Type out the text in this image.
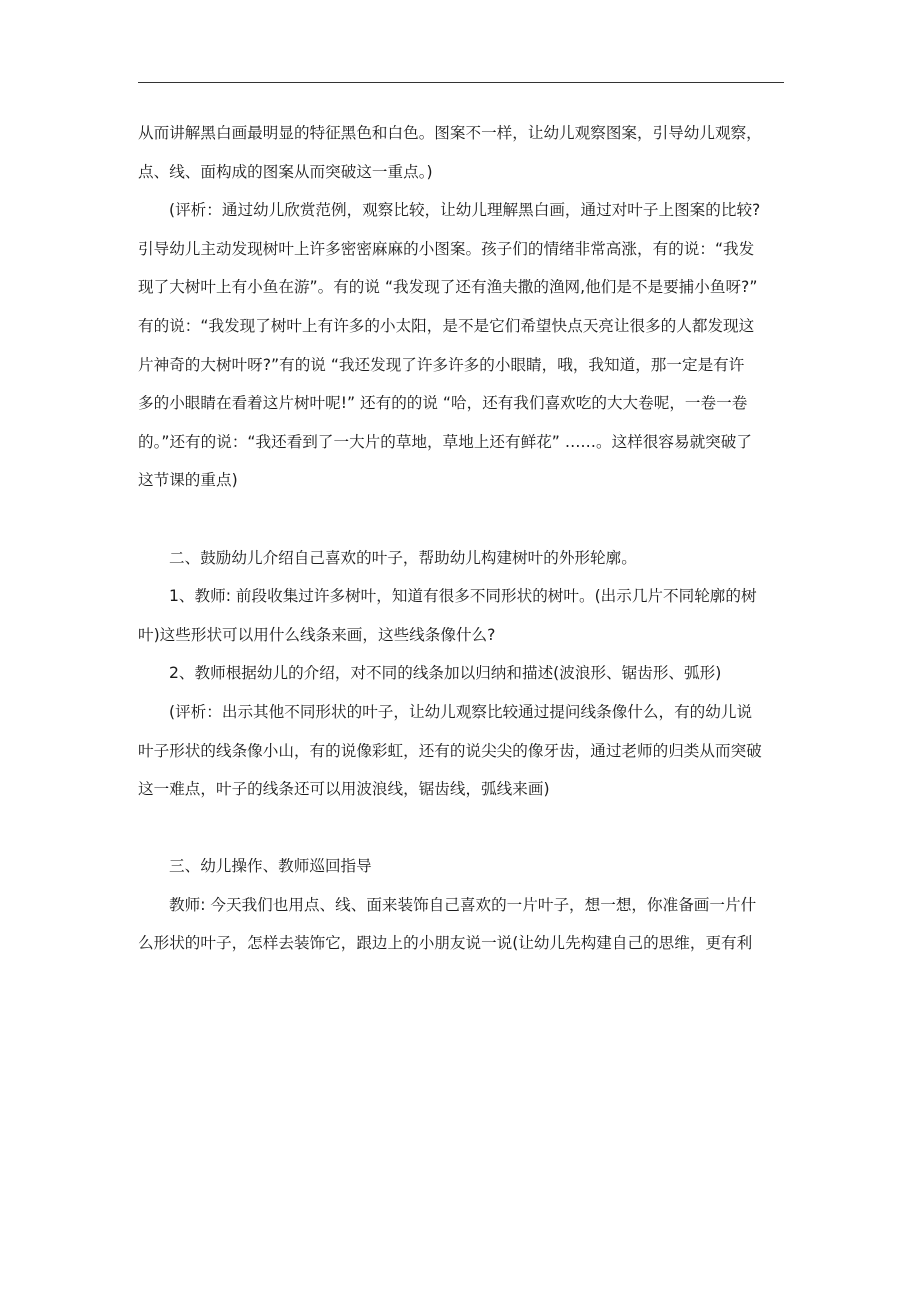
从而讲解黑白画最明显的特征黑色和白色。图案不一样，让幼儿观察图案，引导幼儿观察，
点、线、面构成的图案从而突破这一重点。)
(评析：通过幼儿欣赏范例，观察比较，让幼儿理解黑白画，通过对叶子上图案的比较?
引导幼儿主动发现树叶上许多密密麻麻的小图案。孩子们的情绪非常高涨，有的说：“我发
现了大树叶上有小鱼在游”。有的说 “我发现了还有渔夫撒的渔网,他们是不是要捕小鱼呀?”
有的说：“我发现了树叶上有许多的小太阳，是不是它们希望快点天亮让很多的人都发现这
片神奇的大树叶呀?”有的说 “我还发现了许多许多的小眼睛，哦，我知道，那一定是有许
多的小眼睛在看着这片树叶呢!” 还有的的说 “哈，还有我们喜欢吃的大大卷呢，一卷一卷
的。”还有的说：“我还看到了一大片的草地，草地上还有鲜花” ……。这样很容易就突破了
这节课的重点)
二、鼓励幼儿介绍自己喜欢的叶子，帮助幼儿构建树叶的外形轮廓。
1、教师: 前段收集过许多树叶，知道有很多不同形状的树叶。(出示几片不同轮廓的树
叶)这些形状可以用什么线条来画，这些线条像什么?
2、教师根据幼儿的介绍，对不同的线条加以归纳和描述(波浪形、锯齿形、弧形)
(评析：出示其他不同形状的叶子，让幼儿观察比较通过提问线条像什么，有的幼儿说
叶子形状的线条像小山，有的说像彩虹，还有的说尖尖的像牙齿，通过老师的归类从而突破
这一难点，叶子的线条还可以用波浪线，锯齿线，弧线来画)
三、幼儿操作、教师巡回指导
教师: 今天我们也用点、线、面来装饰自己喜欢的一片叶子，想一想，你准备画一片什
么形状的叶子，怎样去装饰它，跟边上的小朋友说一说(让幼儿先构建自己的思维，更有利
